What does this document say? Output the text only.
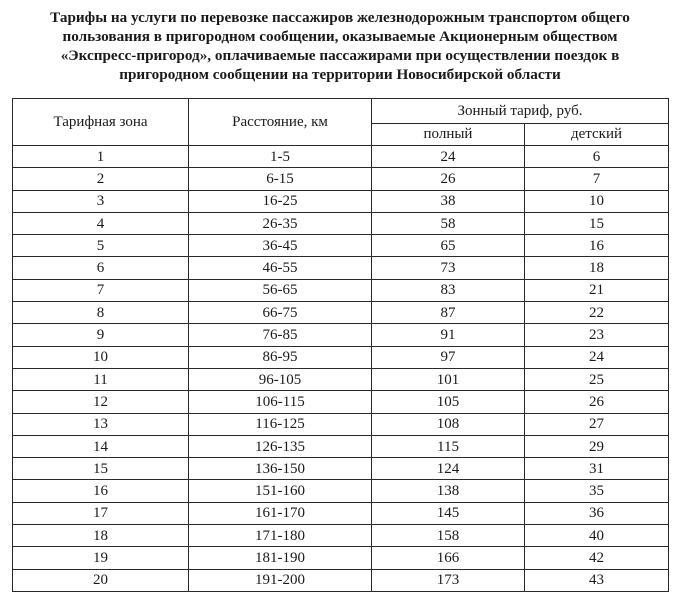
Тарифы на услуги по перевозке пассажиров железнодорожным транспортом общего
пользования в пригородном сообщении, оказываемые Акционерным обществом
«Экспресс-пригород», оплачиваемые пассажирами при осуществлении поездок в
пригородном сообщении на территории Новосибирской области
Тарифная зона	Расстояние, км	Зонный тариф, руб.	
		полный	детский
1	1-5	24	6
2	6-15	26	7
3	16-25	38	10
4	26-35	58	15
5	36-45	65	16
6	46-55	73	18
7	56-65	83	21
8	66-75	87	22
9	76-85	91	23
10	86-95	97	24
11	96-105	101	25
12	106-115	105	26
13	116-125	108	27
14	126-135	115	29
15	136-150	124	31
16	151-160	138	35
17	161-170	145	36
18	171-180	158	40
19	181-190	166	42
20	191-200	173	43
